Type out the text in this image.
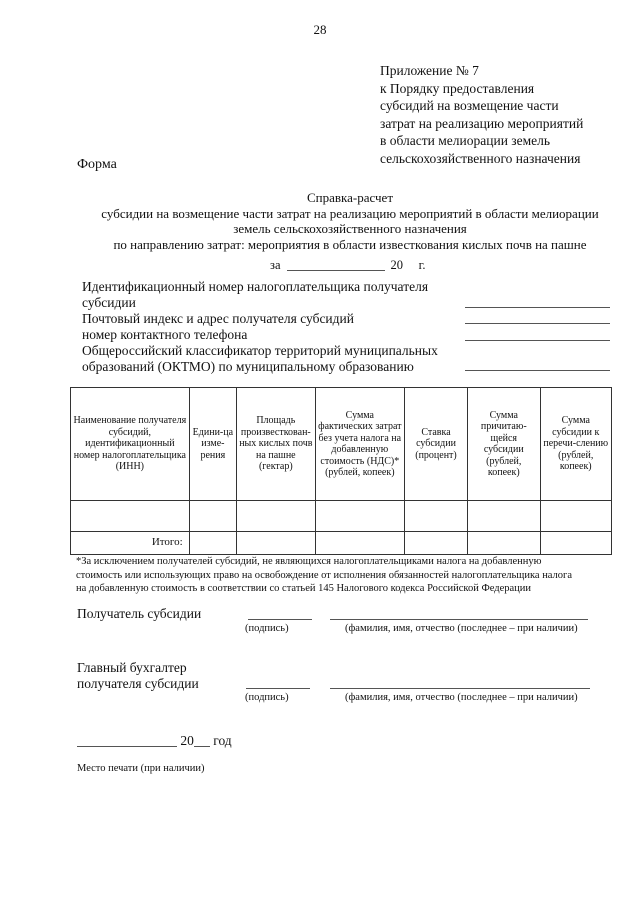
28
Приложение № 7
к Порядку предоставления
субсидий на возмещение части
затрат на реализацию мероприятий
в области мелиорации земель
сельскохозяйственного назначения
Форма
Справка-расчет
субсидии на возмещение части затрат на реализацию мероприятий в области мелиорации
земель сельскохозяйственного назначения
по направлению затрат: мероприятия в области известкования кислых почв на пашне
за	20 г.
Идентификационный номер налогоплательщика получателя
субсидии
Почтовый индекс и адрес получателя субсидий
номер контактного телефона
Общероссийский классификатор территорий муниципальных
образований (ОКТМО) по муниципальному образованию
Наименование получателя субсидий, идентификационный номер налогоплательщика (ИНН)	Едини-ца изме-рения	Площадь произвесткован-ных кислых почв на пашне (гектар)	Сумма фактических затрат без учета налога на добавленную стоимость (НДС)* (рублей, копеек)	Ставка субсидии (процент)	Сумма причитаю-щейся субсидии (рублей, копеек)	Сумма субсидии к перечи-слению (рублей, копеек)

Итого:						
*За исключением получателей субсидий, не являющихся налогоплательщиками налога на добавленную
стоимость или использующих право на освобождение от исполнения обязанностей налогоплательщика налога
на добавленную стоимость в соответствии со статьей 145 Налогового кодекса Российской Федерации
Получатель субсидии
(подпись)	(фамилия, имя, отчество (последнее – при наличии)
Главный бухгалтер
получателя субсидии
(подпись)	(фамилия, имя, отчество (последнее – при наличии)
20 год
Место печати (при наличии)
